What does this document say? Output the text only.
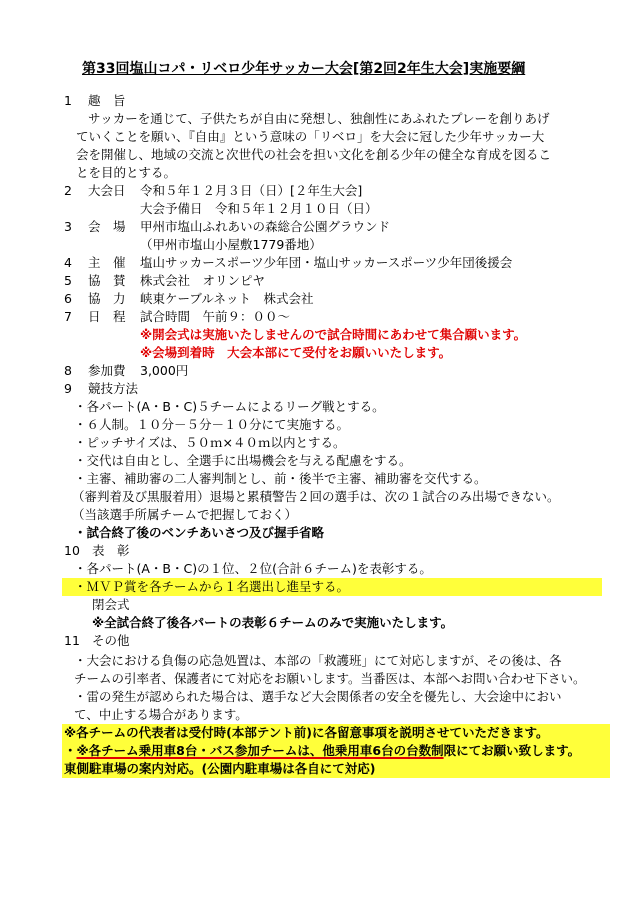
第33回塩山コパ・リベロ少年サッカー大会[第2回2年生大会]実施要綱
1 趣　旨
サッカーを通じて、子供たちが自由に発想し、独創性にあふれたプレーを創りあげ
ていくことを願い、『自由』という意味の「リベロ」を大会に冠した少年サッカー大
会を開催し、地域の交流と次世代の社会を担い文化を創る少年の健全な育成を図るこ
とを目的とする。
2 大会日 令和５年１２月３日（日）[２年生大会]
大会予備日　令和５年１２月１０日（日）
3 会　場 甲州市塩山ふれあいの森総合公園グラウンド
（甲州市塩山小屋敷1779番地）
4 主　催 塩山サッカースポーツ少年団・塩山サッカースポーツ少年団後援会
5 協　賛 株式会社　オリンピヤ
6 協　力 峡東ケーブルネット　株式会社
7 日　程 試合時間　午前９：００～
※開会式は実施いたしませんので試合時間にあわせて集合願います。
※会場到着時　大会本部にて受付をお願いいたします。
8 参加費 3,000円
9 競技方法
・各パート(A・B・C)５チームによるリーグ戦とする。
・６人制。１０分－５分－１０分にて実施する。
・ピッチサイズは、５０ｍ×４０ｍ以内とする。
・交代は自由とし、全選手に出場機会を与える配慮をする。
・主審、補助審の二人審判制とし、前・後半で主審、補助審を交代する。
（審判着及び黒服着用）退場と累積警告２回の選手は、次の１試合のみ出場できない。
（当該選手所属チームで把握しておく）
・試合終了後のベンチあいさつ及び握手省略
10 表　彰
・各パート(A・B・C)の１位、２位(合計６チーム)を表彰する。
・ＭＶＰ賞を各チームから１名選出し進呈する。
閉会式
※全試合終了後各パートの表彰６チームのみで実施いたします。
11 その他
・大会における負傷の応急処置は、本部の「救護班」にて対応しますが、その後は、各
チームの引率者、保護者にて対応をお願いします。当番医は、本部へお問い合わせ下さい。
・雷の発生が認められた場合は、選手など大会関係者の安全を優先し、大会途中におい
て、中止する場合があります。
※各チームの代表者は受付時(本部テント前)に各留意事項を説明させていただきます。
・※各チーム乗用車8台・バス参加チームは、他乗用車6台の台数制限にてお願い致します。
東側駐車場の案内対応。(公園内駐車場は各自にて対応)
